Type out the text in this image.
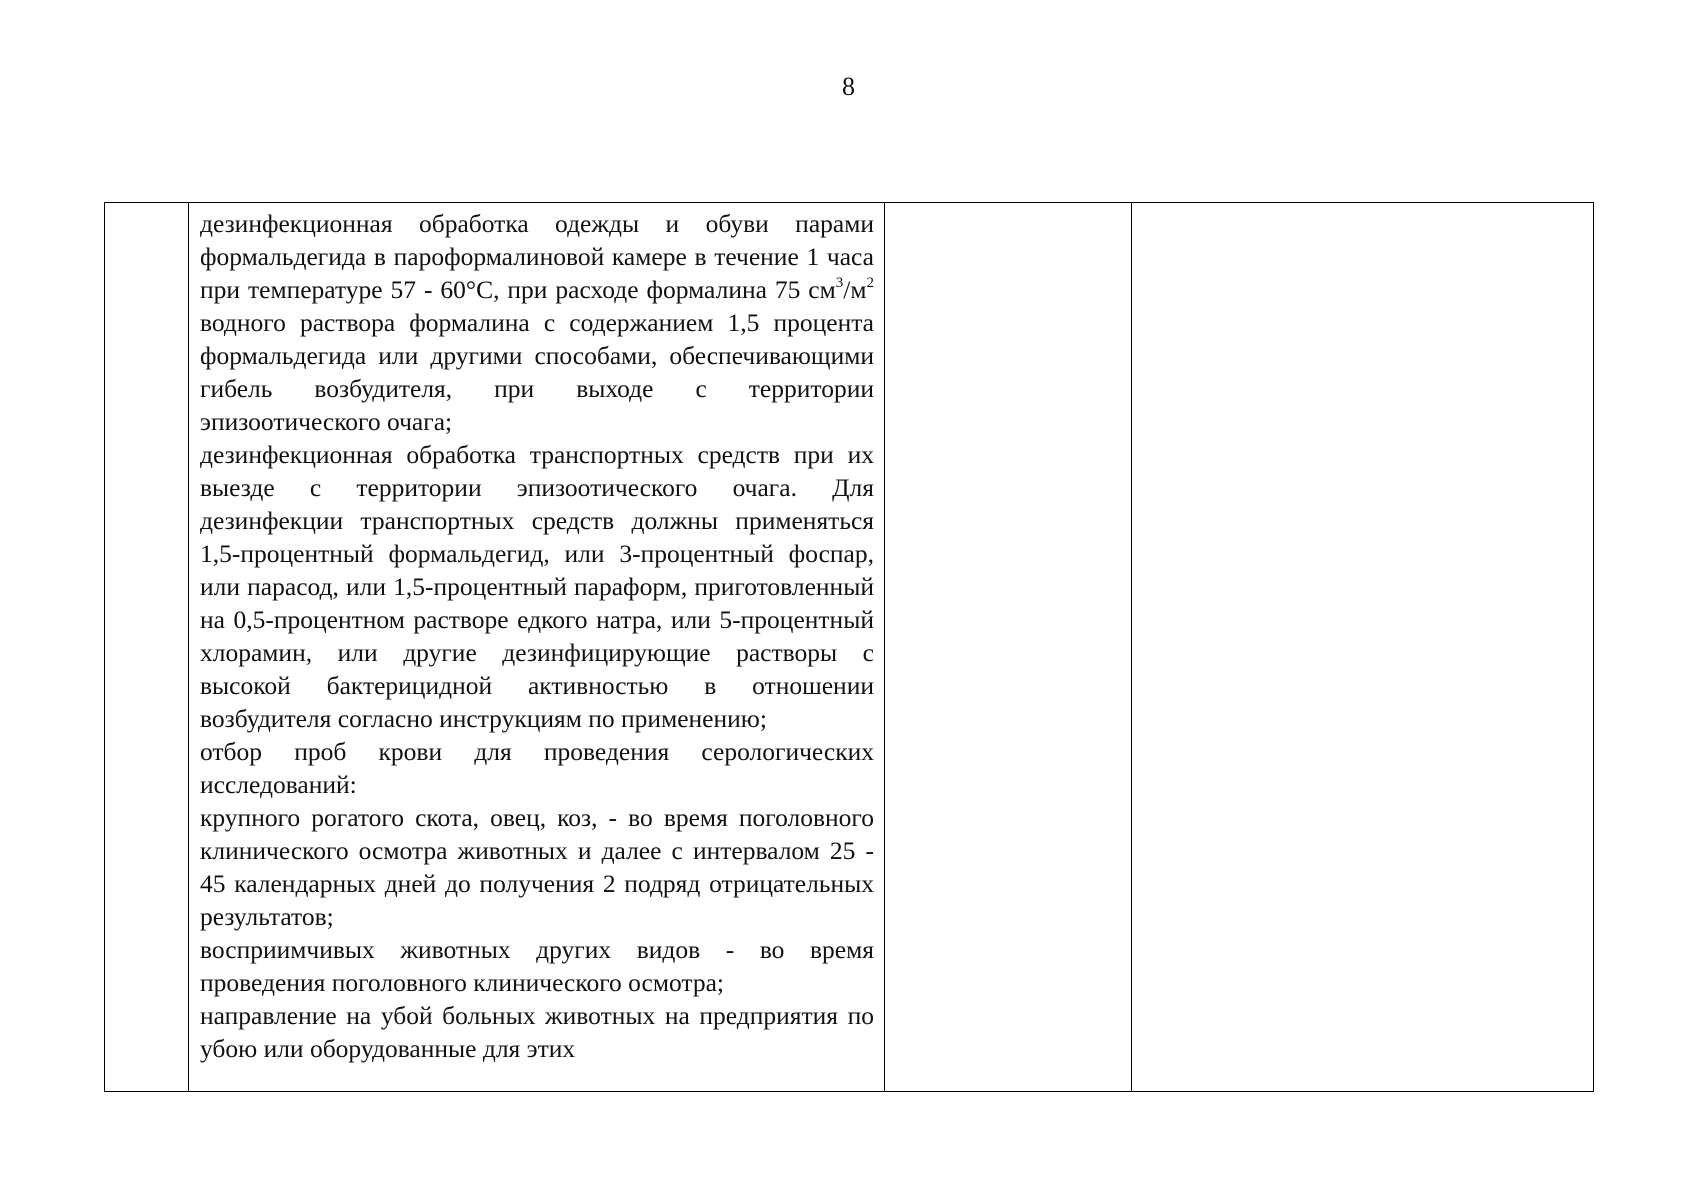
8

дезинфекционная обработка одежды и обуви парами формальдегида в пароформалиновой камере в течение 1 часа при температуре 57 - 60°С, при расходе формалина 75 $см^3/м^2$ водного раствора формалина с содержанием 1,5 процента формальдегида или другими способами, обеспечивающими гибель возбудителя, при выходе с территории эпизоотического очага;

дезинфекционная обработка транспортных средств при их выезде с территории эпизоотического очага. Для дезинфекции транспортных средств должны применяться 1,5-процентный формальдегид, или 3-процентный фоспар, или парасод, или 1,5-процентный параформ, приготовленный на 0,5-процентном растворе едкого натра, или 5-процентный хлорамин, или другие дезинфицирующие растворы с высокой бактерицидной активностью в отношении возбудителя согласно инструкциям по применению;

отбор проб крови для проведения серологических исследований:

крупного рогатого скота, овец, коз, - во время поголовного клинического осмотра животных и далее с интервалом 25 - 45 календарных дней до получения 2 подряд отрицательных результатов;

восприимчивых животных других видов - во время проведения поголовного клинического осмотра;

направление на убой больных животных на предприятия по убою или оборудованные для этих
